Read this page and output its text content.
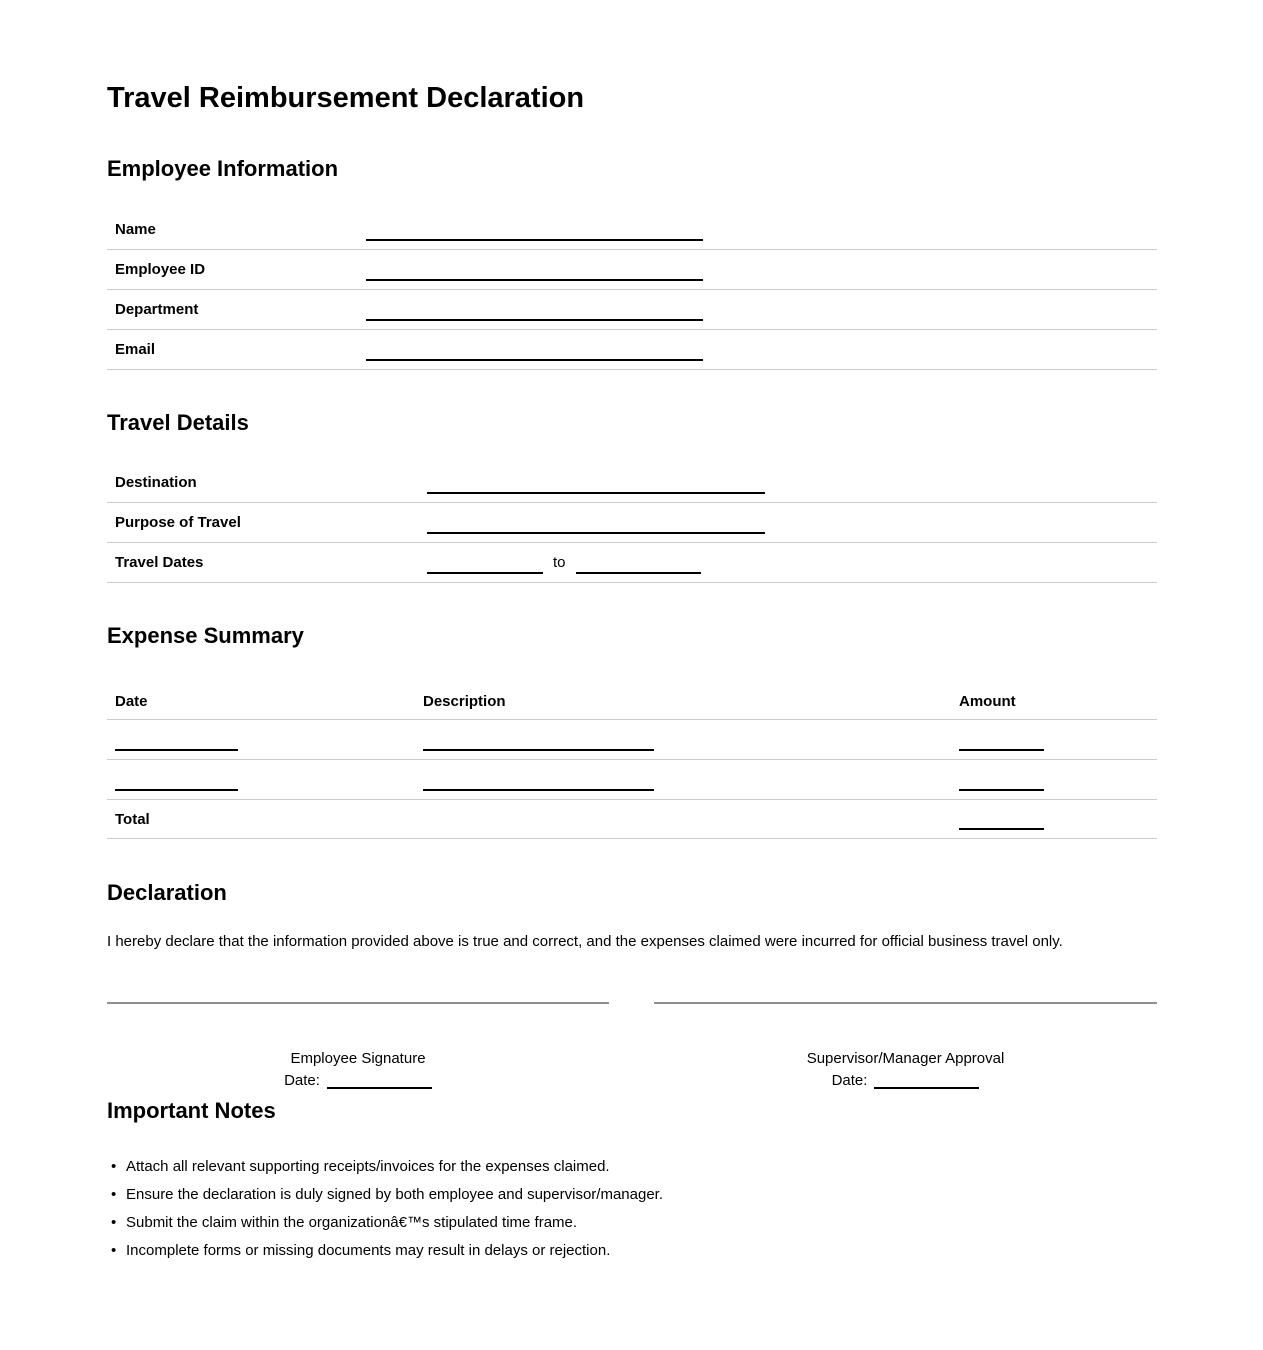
Travel Reimbursement Declaration
Employee Information
Name
Employee ID
Department
Email
Travel Details
Destination
Purpose of Travel
Travel Dates	to
Expense Summary
Date	Description	Amount
Total
Declaration

I hereby declare that the information provided above is true and correct, and the expenses claimed were incurred for official business travel only.

Employee Signature
Date:
Supervisor/Manager Approval
Date:
Important Notes
• Attach all relevant supporting receipts/invoices for the expenses claimed.
• Ensure the declaration is duly signed by both employee and supervisor/manager.
• Submit the claim within the organizationâ€™s stipulated time frame.
• Incomplete forms or missing documents may result in delays or rejection.
